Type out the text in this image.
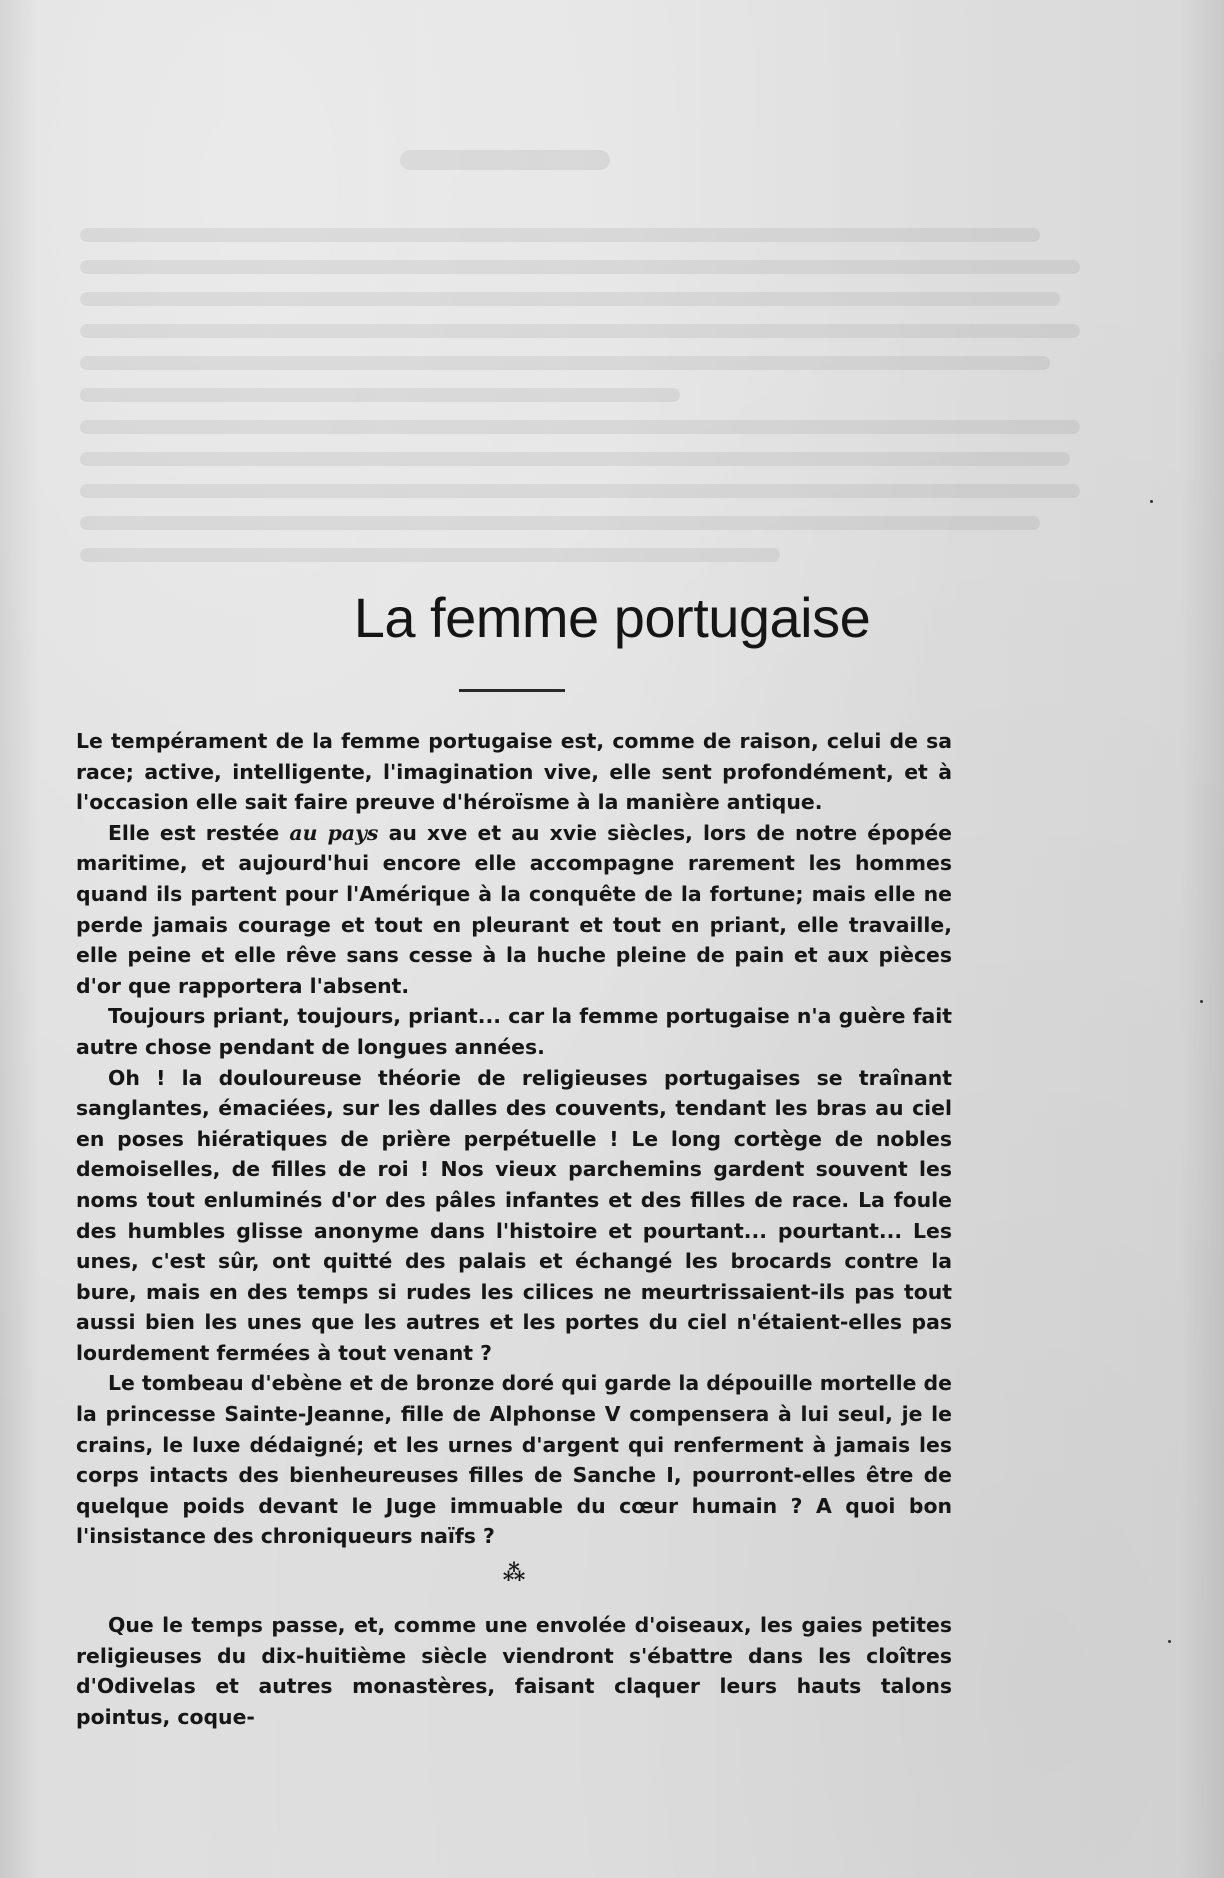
La femme portugaise

Le tempérament de la femme portugaise est, comme de raison, celui de sa race; active, intelligente, l'imagination vive, elle sent profondément, et à l'occasion elle sait faire preuve d'héroïsme à la manière antique.

Elle est restée au pays au xve et au xvie siècles, lors de notre épopée maritime, et aujourd'hui encore elle accompagne rarement les hommes quand ils partent pour l'Amérique à la conquête de la fortune; mais elle ne perde jamais courage et tout en pleurant et tout en priant, elle travaille, elle peine et elle rêve sans cesse à la huche pleine de pain et aux pièces d'or que rapportera l'absent.

Toujours priant, toujours, priant... car la femme portugaise n'a guère fait autre chose pendant de longues années.

Oh ! la douloureuse théorie de religieuses portugaises se traînant sanglantes, émaciées, sur les dalles des couvents, tendant les bras au ciel en poses hiératiques de prière perpétuelle ! Le long cortège de nobles demoiselles, de filles de roi ! Nos vieux parchemins gardent souvent les noms tout enluminés d'or des pâles infantes et des filles de race. La foule des humbles glisse anonyme dans l'histoire et pourtant... pourtant... Les unes, c'est sûr, ont quitté des palais et échangé les brocards contre la bure, mais en des temps si rudes les cilices ne meurtrissaient-ils pas tout aussi bien les unes que les autres et les portes du ciel n'étaient-elles pas lourdement fermées à tout venant ?

Le tombeau d'ebène et de bronze doré qui garde la dépouille mortelle de la princesse Sainte-Jeanne, fille de Alphonse V compensera à lui seul, je le crains, le luxe dédaigné; et les urnes d'argent qui renferment à jamais les corps intacts des bienheureuses filles de Sanche I, pourront-elles être de quelque poids devant le Juge immuable du cœur humain ? A quoi bon l'insistance des chroniqueurs naïfs ?

⁂

Que le temps passe, et, comme une envolée d'oiseaux, les gaies petites religieuses du dix-huitième siècle viendront s'ébattre dans les cloîtres d'Odivelas et autres monastères, faisant claquer leurs hauts talons pointus, coque-
